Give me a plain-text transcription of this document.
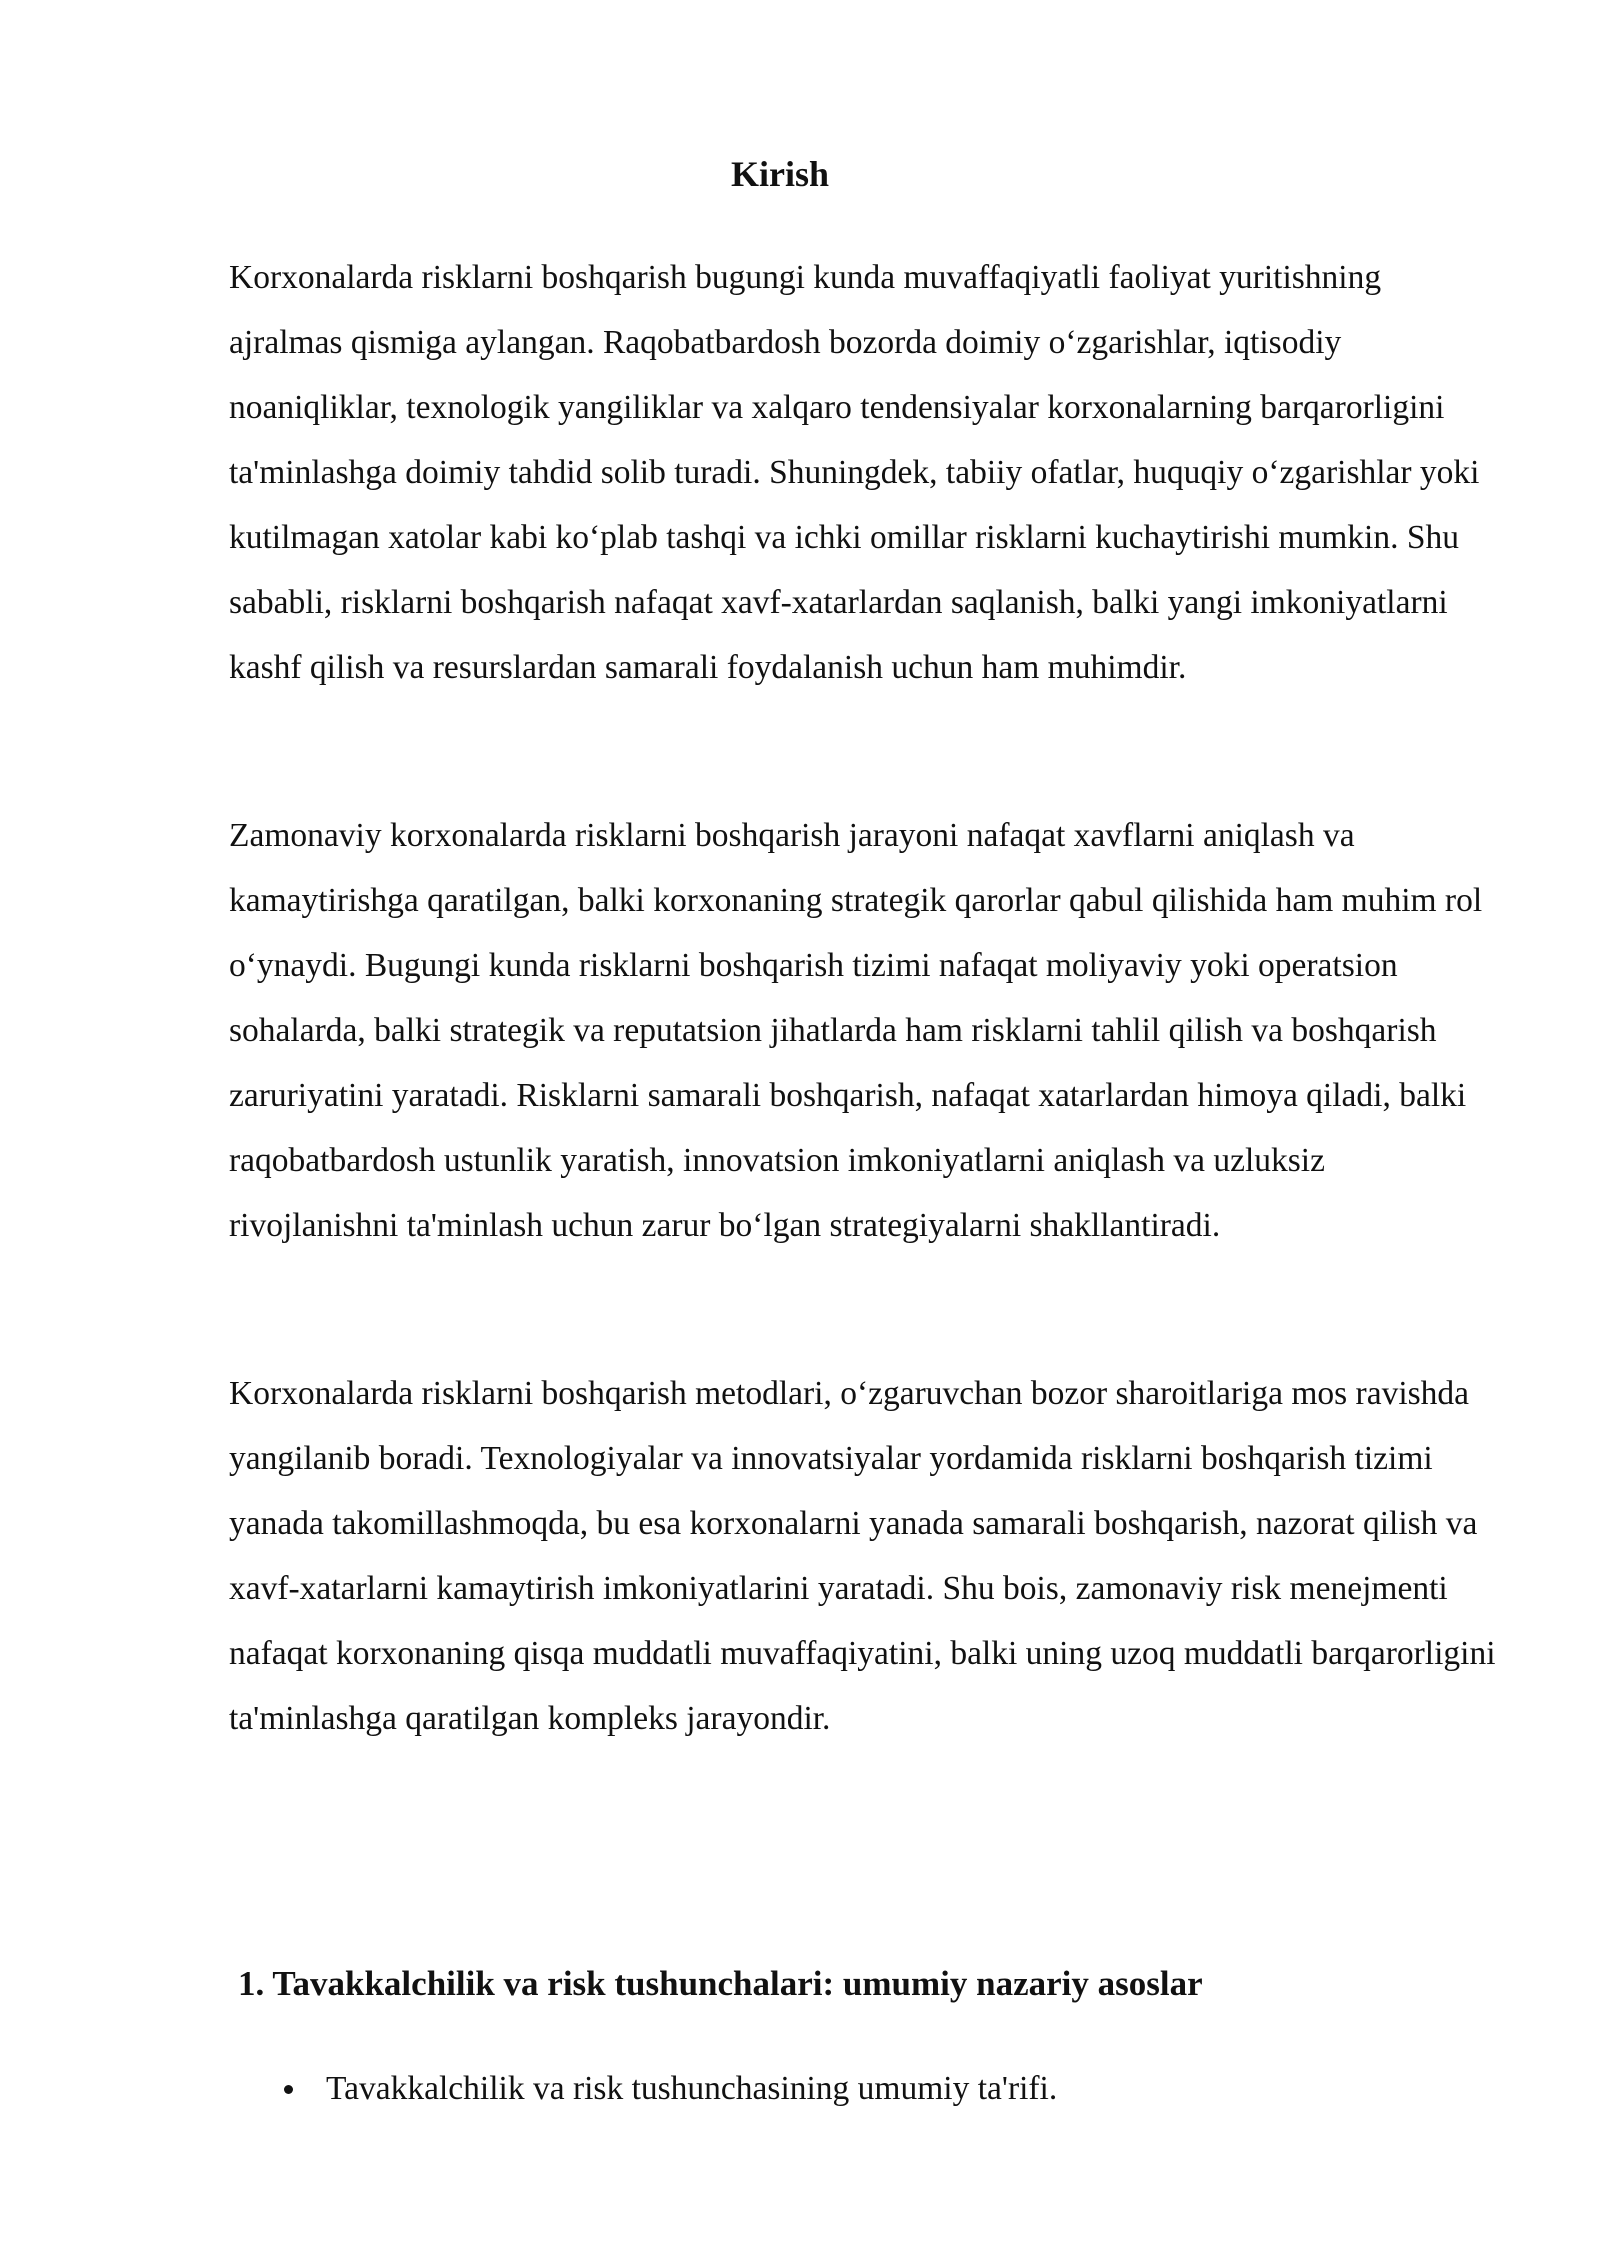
Kirish

Korxonalarda risklarni boshqarish bugungi kunda muvaffaqiyatli faoliyat yuritishning ajralmas qismiga aylangan. Raqobatbardosh bozorda doimiy o‘zgarishlar, iqtisodiy noaniqliklar, texnologik yangiliklar va xalqaro tendensiyalar korxonalarning barqarorligini ta'minlashga doimiy tahdid solib turadi. Shuningdek, tabiiy ofatlar, huquqiy o‘zgarishlar yoki kutilmagan xatolar kabi ko‘plab tashqi va ichki omillar risklarni kuchaytirishi mumkin. Shu sababli, risklarni boshqarish nafaqat xavf-xatarlardan saqlanish, balki yangi imkoniyatlarni kashf qilish va resurslardan samarali foydalanish uchun ham muhimdir.

Zamonaviy korxonalarda risklarni boshqarish jarayoni nafaqat xavflarni aniqlash va kamaytirishga qaratilgan, balki korxonaning strategik qarorlar qabul qilishida ham muhim rol o‘ynaydi. Bugungi kunda risklarni boshqarish tizimi nafaqat moliyaviy yoki operatsion sohalarda, balki strategik va reputatsion jihatlarda ham risklarni tahlil qilish va boshqarish zaruriyatini yaratadi. Risklarni samarali boshqarish, nafaqat xatarlardan himoya qiladi, balki raqobatbardosh ustunlik yaratish, innovatsion imkoniyatlarni aniqlash va uzluksiz rivojlanishni ta'minlash uchun zarur bo‘lgan strategiyalarni shakllantiradi.

Korxonalarda risklarni boshqarish metodlari, o‘zgaruvchan bozor sharoitlariga mos ravishda yangilanib boradi. Texnologiyalar va innovatsiyalar yordamida risklarni boshqarish tizimi yanada takomillashmoqda, bu esa korxonalarni yanada samarali boshqarish, nazorat qilish va xavf-xatarlarni kamaytirish imkoniyatlarini yaratadi. Shu bois, zamonaviy risk menejmenti nafaqat korxonaning qisqa muddatli muvaffaqiyatini, balki uning uzoq muddatli barqarorligini ta'minlashga qaratilgan kompleks jarayondir.

1. Tavakkalchilik va risk tushunchalari: umumiy nazariy asoslar
Tavakkalchilik va risk tushunchasining umumiy ta'rifi.
